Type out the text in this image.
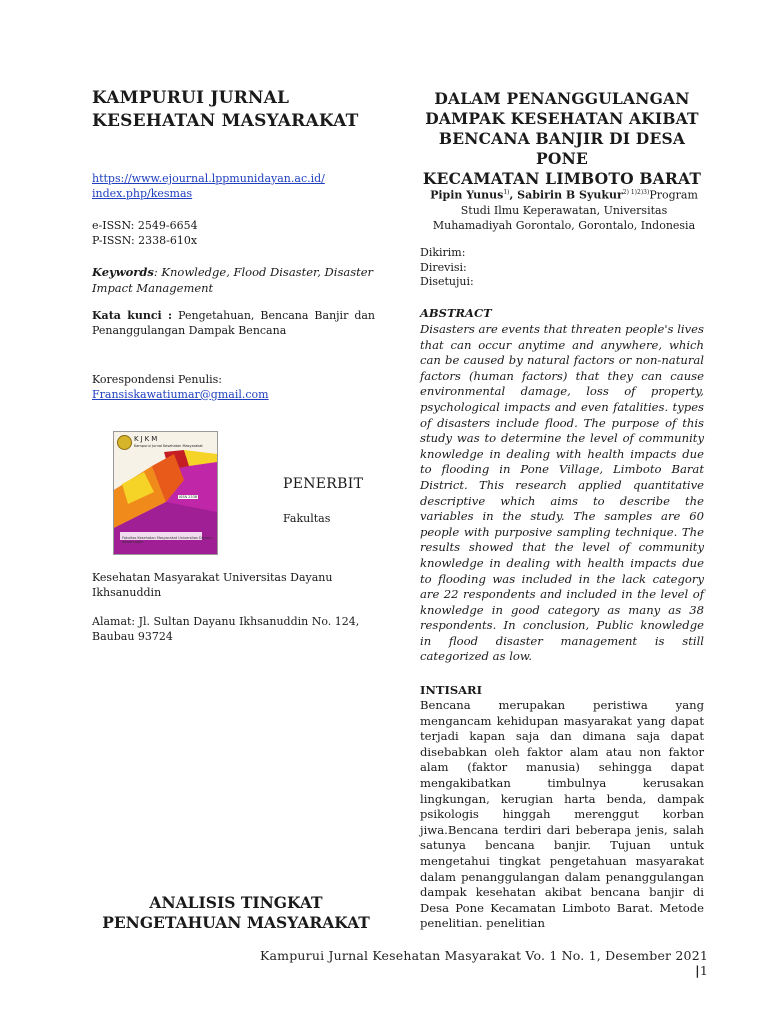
KAMPURUI JURNAL
KESEHATAN MASYARAKAT
https://www.ejournal.lppmunidayan.ac.id/
index.php/kesmas
e-ISSN: 2549-6654
P-ISSN: 2338-610x
Keywords: Knowledge, Flood Disaster, Disaster Impact Management
Kata kunci : Pengetahuan, Bencana Banjir dan Penanggulangan Dampak Bencana
Korespondensi Penulis:
Fransiskawatiumar@gmail.com
KJKM
Kampurui Jurnal Kesehatan Masyarakat
ISSN 2338
Fakultas Kesehatan Masyarakat Universitas Dayanu Ikhsanuddin
PENERBIT
Fakultas
Kesehatan Masyarakat Universitas Dayanu Ikhsanuddin
Alamat: Jl. Sultan Dayanu Ikhsanuddin No. 124, Baubau 93724
ANALISIS TINGKAT
PENGETAHUAN MASYARAKAT
DALAM PENANGGULANGAN
DAMPAK KESEHATAN AKIBAT
BENCANA BANJIR DI DESA PONE
KECAMATAN LIMBOTO BARAT
Pipin Yunus$^{1)}$, Sabirin B Syukur$^{2)}$ $^{1)2)3)}$Program Studi Ilmu Keperawatan, Universitas Muhamadiyah Gorontalo, Gorontalo, Indonesia
Dikirim:
Direvisi:
Disetujui:
ABSTRACT
Disasters are events that threaten people's lives that can occur anytime and anywhere, which can be caused by natural factors or non-natural factors (human factors) that they can cause environmental damage, loss of property, psychological impacts and even fatalities. types of disasters include flood. The purpose of this study was to determine the level of community knowledge in dealing with health impacts due to flooding in Pone Village, Limboto Barat District. This research applied quantitative descriptive which aims to describe the variables in the study. The samples are 60 people with purposive sampling technique. The results showed that the level of community knowledge in dealing with health impacts due to flooding was included in the lack category are 22 respondents and included in the level of knowledge in good category as many as 38 respondents. In conclusion, Public knowledge in flood disaster management is still categorized as low.
INTISARI
Bencana merupakan peristiwa yang mengancam kehidupan masyarakat yang dapat terjadi kapan saja dan dimana saja dapat disebabkan oleh faktor alam atau non faktor alam (faktor manusia) sehingga dapat mengakibatkan timbulnya kerusakan lingkungan, kerugian harta benda, dampak psikologis hinggah merenggut korban jiwa.Bencana terdiri dari beberapa jenis, salah satunya bencana banjir. Tujuan untuk mengetahui tingkat pengetahuan masyarakat dalam penanggulangan dalam penanggulangan dampak kesehatan akibat bencana banjir di Desa Pone Kecamatan Limboto Barat. Metode penelitian. penelitian
Kampurui Jurnal Kesehatan Masyarakat Vo. 1 No. 1, Desember 2021 |1
